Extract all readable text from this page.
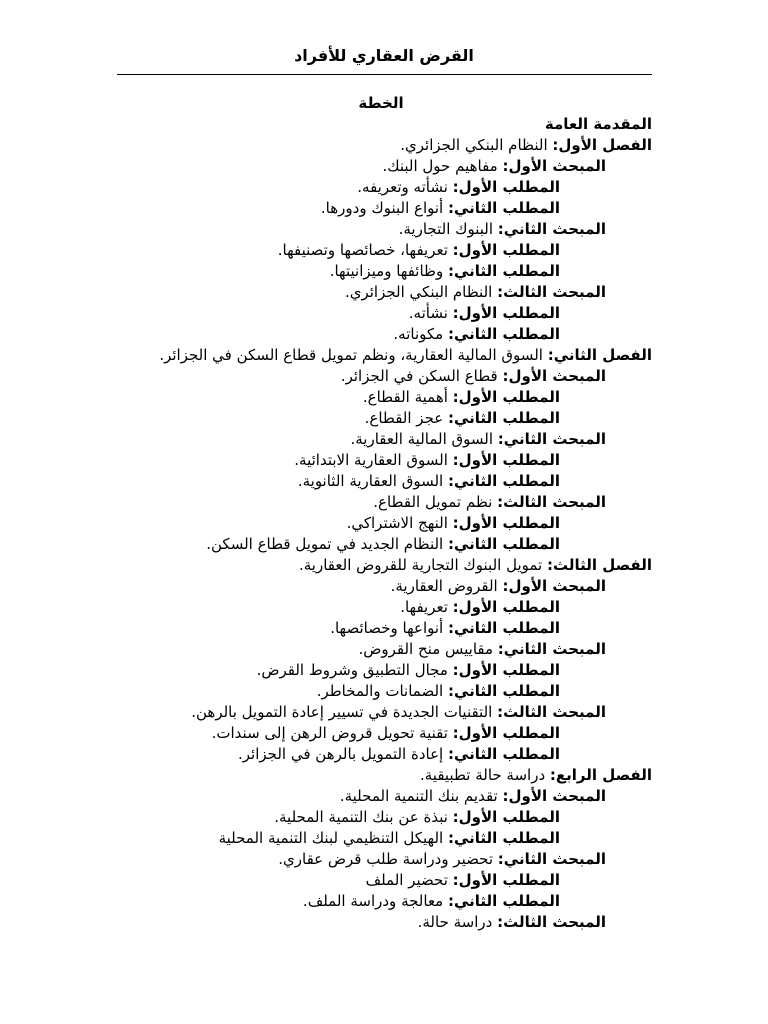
القرض العقاري للأفراد
الخطة
المقدمة العامة
الفصل الأول: النظام البنكي الجزائري.
المبحث الأول: مفاهيم حول البنك.
المطلب الأول: نشأته وتعريفه.
المطلب الثاني: أنواع البنوك ودورها.
المبحث الثاني: البنوك التجارية.
المطلب الأول: تعريفها، خصائصها وتصنيفها.
المطلب الثاني: وظائفها وميزانيتها.
المبحث الثالث: النظام البنكي الجزائري.
المطلب الأول: نشأته.
المطلب الثاني: مكوناته.
الفصل الثاني: السوق المالية العقارية، ونظم تمويل قطاع السكن في الجزائر.
المبحث الأول: قطاع السكن في الجزائر.
المطلب الأول: أهمية القطاع.
المطلب الثاني: عجز القطاع.
المبحث الثاني: السوق المالية العقارية.
المطلب الأول: السوق العقارية الابتدائية.
المطلب الثاني: السوق العقارية الثانوية.
المبحث الثالث: نظم تمويل القطاع.
المطلب الأول: النهج الاشتراكي.
المطلب الثاني: النظام الجديد في تمويل قطاع السكن.
الفصل الثالث: تمويل البنوك التجارية للقروض العقارية.
المبحث الأول: القروض العقارية.
المطلب الأول: تعريفها.
المطلب الثاني: أنواعها وخصائصها.
المبحث الثاني: مقاييس منح القروض.
المطلب الأول: مجال التطبيق وشروط القرض.
المطلب الثاني: الضمانات والمخاطر.
المبحث الثالث: التقنيات الجديدة في تسيير إعادة التمويل بالرهن.
المطلب الأول: تقنية تحويل قروض الرهن إلى سندات.
المطلب الثاني: إعادة التمويل بالرهن في الجزائر.
الفصل الرابع: دراسة حالة تطبيقية.
المبحث الأول: تقديم بنك التنمية المحلية.
المطلب الأول: نبذة عن بنك التنمية المحلية.
المطلب الثاني: الهيكل التنظيمي لبنك التنمية المحلية
المبحث الثاني: تحضير ودراسة طلب قرض عقاري.
المطلب الأول: تحضير الملف
المطلب الثاني: معالجة ودراسة الملف.
المبحث الثالث: دراسة حالة.
